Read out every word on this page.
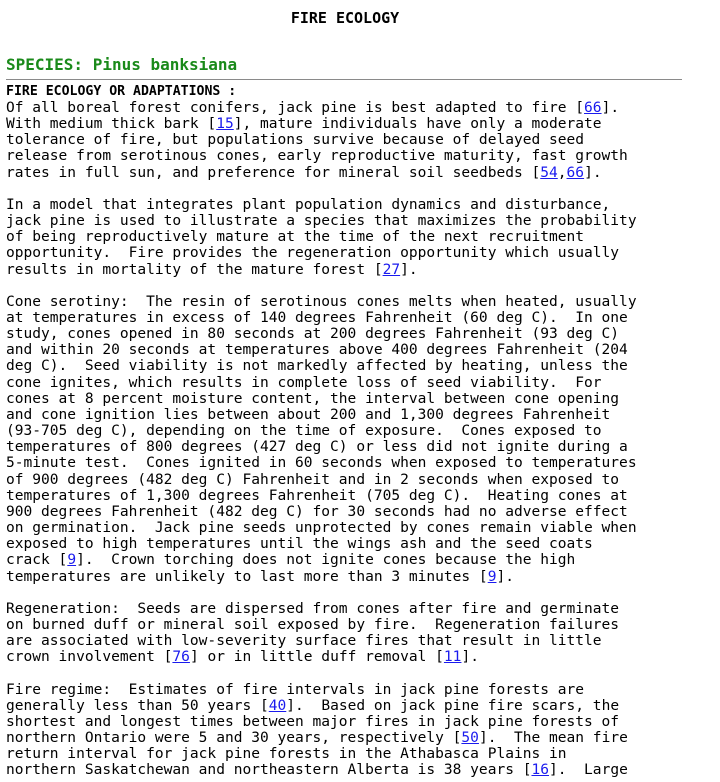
FIRE ECOLOGY
SPECIES: Pinus banksiana
FIRE ECOLOGY OR ADAPTATIONS :
Of all boreal forest conifers, jack pine is best adapted to fire [66].
With medium thick bark [15], mature individuals have only a moderate
tolerance of fire, but populations survive because of delayed seed
release from serotinous cones, early reproductive maturity, fast growth
rates in full sun, and preference for mineral soil seedbeds [54,66].
In a model that integrates plant population dynamics and disturbance,
jack pine is used to illustrate a species that maximizes the probability
of being reproductively mature at the time of the next recruitment
opportunity.  Fire provides the regeneration opportunity which usually
results in mortality of the mature forest [27].
Cone serotiny:  The resin of serotinous cones melts when heated, usually
at temperatures in excess of 140 degrees Fahrenheit (60 deg C).  In one
study, cones opened in 80 seconds at 200 degrees Fahrenheit (93 deg C)
and within 20 seconds at temperatures above 400 degrees Fahrenheit (204
deg C).  Seed viability is not markedly affected by heating, unless the
cone ignites, which results in complete loss of seed viability.  For
cones at 8 percent moisture content, the interval between cone opening
and cone ignition lies between about 200 and 1,300 degrees Fahrenheit
(93-705 deg C), depending on the time of exposure.  Cones exposed to
temperatures of 800 degrees (427 deg C) or less did not ignite during a
5-minute test.  Cones ignited in 60 seconds when exposed to temperatures
of 900 degrees (482 deg C) Fahrenheit and in 2 seconds when exposed to
temperatures of 1,300 degrees Fahrenheit (705 deg C).  Heating cones at
900 degrees Fahrenheit (482 deg C) for 30 seconds had no adverse effect
on germination.  Jack pine seeds unprotected by cones remain viable when
exposed to high temperatures until the wings ash and the seed coats
crack [9].  Crown torching does not ignite cones because the high
temperatures are unlikely to last more than 3 minutes [9].
Regeneration:  Seeds are dispersed from cones after fire and germinate
on burned duff or mineral soil exposed by fire.  Regeneration failures
are associated with low-severity surface fires that result in little
crown involvement [76] or in little duff removal [11].
Fire regime:  Estimates of fire intervals in jack pine forests are
generally less than 50 years [40].  Based on jack pine fire scars, the
shortest and longest times between major fires in jack pine forests of
northern Ontario were 5 and 30 years, respectively [50].  The mean fire
return interval for jack pine forests in the Athabasca Plains in
northern Saskatchewan and northeastern Alberta is 38 years [16].  Large
